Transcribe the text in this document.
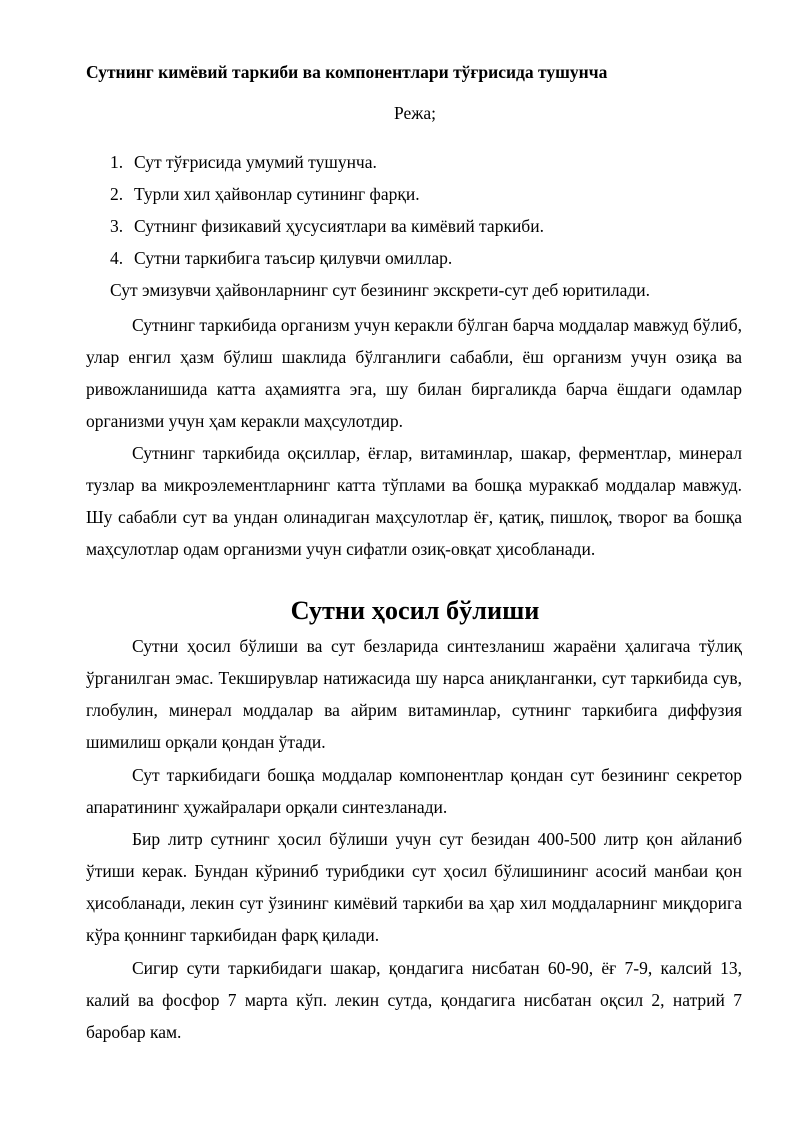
Сутнинг кимёвий таркиби ва компонентлари тўғрисида тушунча

Режа;

1. Сут тўғрисида умумий тушунча.
2. Турли хил ҳайвонлар сутининг фарқи.
3. Сутнинг физикавий ҳусусиятлари ва кимёвий таркиби.
4. Сутни таркибига таъсир қилувчи омиллар.

Сут эмизувчи ҳайвонларнинг сут безининг экскрети-сут деб юритилади.

Сутнинг таркибида организм учун керакли бўлган барча моддалар мавжуд бўлиб, улар енгил ҳазм бўлиш шаклида бўлганлиги сабабли, ёш организм учун озиқа ва ривожланишида катта аҳамиятга эга, шу билан биргаликда барча ёшдаги одамлар организми учун ҳам керакли маҳсулотдир.

Сутнинг таркибида оқсиллар, ёғлар, витаминлар, шакар, ферментлар, минерал тузлар ва микроэлементларнинг катта тўплами ва бошқа мураккаб моддалар мавжуд. Шу сабабли сут ва ундан олинадиган маҳсулотлар ёғ, қатиқ, пишлоқ, творог ва бошқа маҳсулотлар одам организми учун сифатли озиқ-овқат ҳисобланади.

Сутни ҳосил бўлиши

Сутни ҳосил бўлиши ва сут безларида синтезланиш жараёни ҳалигача тўлиқ ўрганилган эмас. Текширувлар натижасида шу нарса аниқланганки, сут таркибида сув, глобулин, минерал моддалар ва айрим витаминлар, сутнинг таркибига диффузия шимилиш орқали қондан ўтади.

Сут таркибидаги бошқа моддалар компонентлар қондан сут безининг секретор апаратининг ҳужайралари орқали синтезланади.

Бир литр сутнинг ҳосил бўлиши учун сут безидан 400-500 литр қон айланиб ўтиши керак. Бундан кўриниб турибдики сут ҳосил бўлишининг асосий манбаи қон ҳисобланади, лекин сут ўзининг кимёвий таркиби ва ҳар хил моддаларнинг миқдорига кўра қоннинг таркибидан фарқ қилади.

Сигир сути таркибидаги шакар, қондагига нисбатан 60-90, ёғ 7-9, калсий 13, калий ва фосфор 7 марта кўп. лекин сутда, қондагига нисбатан оқсил 2, натрий 7 баробар кам.
